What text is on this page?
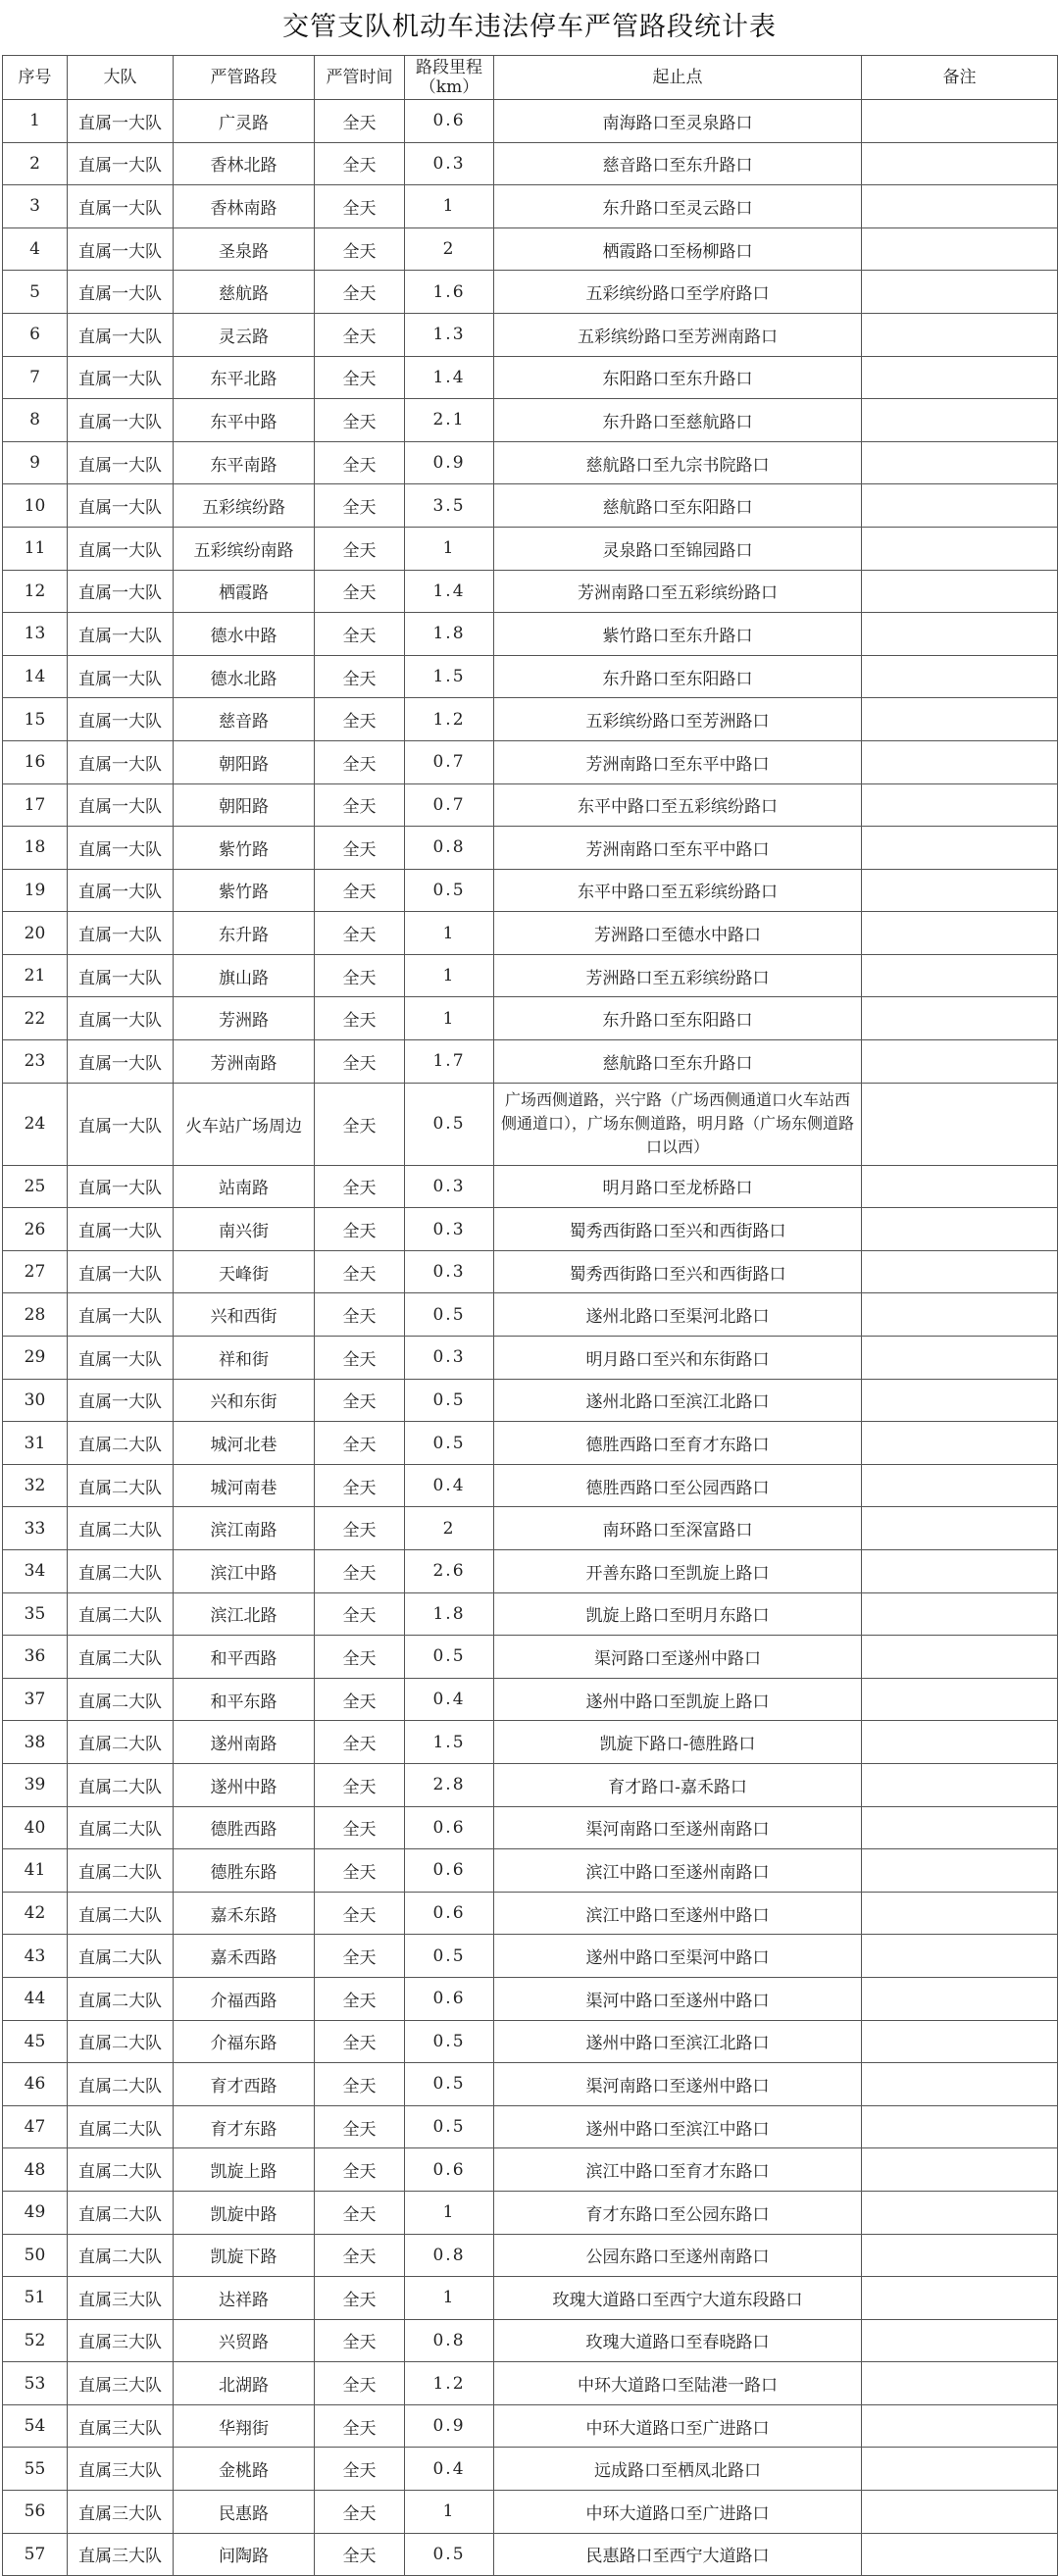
交管支队机动车违法停车严管路段统计表
序号	大队	严管路段	严管时间	路段里程（km）	起止点	备注
1	直属一大队	广灵路	全天	0.6	南海路口至灵泉路口	
2	直属一大队	香林北路	全天	0.3	慈音路口至东升路口	
3	直属一大队	香林南路	全天	1	东升路口至灵云路口	
4	直属一大队	圣泉路	全天	2	栖霞路口至杨柳路口	
5	直属一大队	慈航路	全天	1.6	五彩缤纷路口至学府路口	
6	直属一大队	灵云路	全天	1.3	五彩缤纷路口至芳洲南路口	
7	直属一大队	东平北路	全天	1.4	东阳路口至东升路口	
8	直属一大队	东平中路	全天	2.1	东升路口至慈航路口	
9	直属一大队	东平南路	全天	0.9	慈航路口至九宗书院路口	
10	直属一大队	五彩缤纷路	全天	3.5	慈航路口至东阳路口	
11	直属一大队	五彩缤纷南路	全天	1	灵泉路口至锦园路口	
12	直属一大队	栖霞路	全天	1.4	芳洲南路口至五彩缤纷路口	
13	直属一大队	德水中路	全天	1.8	紫竹路口至东升路口	
14	直属一大队	德水北路	全天	1.5	东升路口至东阳路口	
15	直属一大队	慈音路	全天	1.2	五彩缤纷路口至芳洲路口	
16	直属一大队	朝阳路	全天	0.7	芳洲南路口至东平中路口	
17	直属一大队	朝阳路	全天	0.7	东平中路口至五彩缤纷路口	
18	直属一大队	紫竹路	全天	0.8	芳洲南路口至东平中路口	
19	直属一大队	紫竹路	全天	0.5	东平中路口至五彩缤纷路口	
20	直属一大队	东升路	全天	1	芳洲路口至德水中路口	
21	直属一大队	旗山路	全天	1	芳洲路口至五彩缤纷路口	
22	直属一大队	芳洲路	全天	1	东升路口至东阳路口	
23	直属一大队	芳洲南路	全天	1.7	慈航路口至东升路口	
24	直属一大队	火车站广场周边	全天	0.5	广场西侧道路，兴宁路（广场西侧通道口火车站西侧通道口），广场东侧道路，明月路（广场东侧道路口以西）	
25	直属一大队	站南路	全天	0.3	明月路口至龙桥路口	
26	直属一大队	南兴街	全天	0.3	蜀秀西街路口至兴和西街路口	
27	直属一大队	天峰街	全天	0.3	蜀秀西街路口至兴和西街路口	
28	直属一大队	兴和西街	全天	0.5	遂州北路口至渠河北路口	
29	直属一大队	祥和街	全天	0.3	明月路口至兴和东街路口	
30	直属一大队	兴和东街	全天	0.5	遂州北路口至滨江北路口	
31	直属二大队	城河北巷	全天	0.5	德胜西路口至育才东路口	
32	直属二大队	城河南巷	全天	0.4	德胜西路口至公园西路口	
33	直属二大队	滨江南路	全天	2	南环路口至深富路口	
34	直属二大队	滨江中路	全天	2.6	开善东路口至凯旋上路口	
35	直属二大队	滨江北路	全天	1.8	凯旋上路口至明月东路口	
36	直属二大队	和平西路	全天	0.5	渠河路口至遂州中路口	
37	直属二大队	和平东路	全天	0.4	遂州中路口至凯旋上路口	
38	直属二大队	遂州南路	全天	1.5	凯旋下路口-德胜路口	
39	直属二大队	遂州中路	全天	2.8	育才路口-嘉禾路口	
40	直属二大队	德胜西路	全天	0.6	渠河南路口至遂州南路口	
41	直属二大队	德胜东路	全天	0.6	滨江中路口至遂州南路口	
42	直属二大队	嘉禾东路	全天	0.6	滨江中路口至遂州中路口	
43	直属二大队	嘉禾西路	全天	0.5	遂州中路口至渠河中路口	
44	直属二大队	介福西路	全天	0.6	渠河中路口至遂州中路口	
45	直属二大队	介福东路	全天	0.5	遂州中路口至滨江北路口	
46	直属二大队	育才西路	全天	0.5	渠河南路口至遂州中路口	
47	直属二大队	育才东路	全天	0.5	遂州中路口至滨江中路口	
48	直属二大队	凯旋上路	全天	0.6	滨江中路口至育才东路口	
49	直属二大队	凯旋中路	全天	1	育才东路口至公园东路口	
50	直属二大队	凯旋下路	全天	0.8	公园东路口至遂州南路口	
51	直属三大队	达祥路	全天	1	玫瑰大道路口至西宁大道东段路口	
52	直属三大队	兴贸路	全天	0.8	玫瑰大道路口至春晓路口	
53	直属三大队	北湖路	全天	1.2	中环大道路口至陆港一路口	
54	直属三大队	华翔街	全天	0.9	中环大道路口至广进路口	
55	直属三大队	金桃路	全天	0.4	远成路口至栖凤北路口	
56	直属三大队	民惠路	全天	1	中环大道路口至广进路口	
57	直属三大队	问陶路	全天	0.5	民惠路口至西宁大道路口	
